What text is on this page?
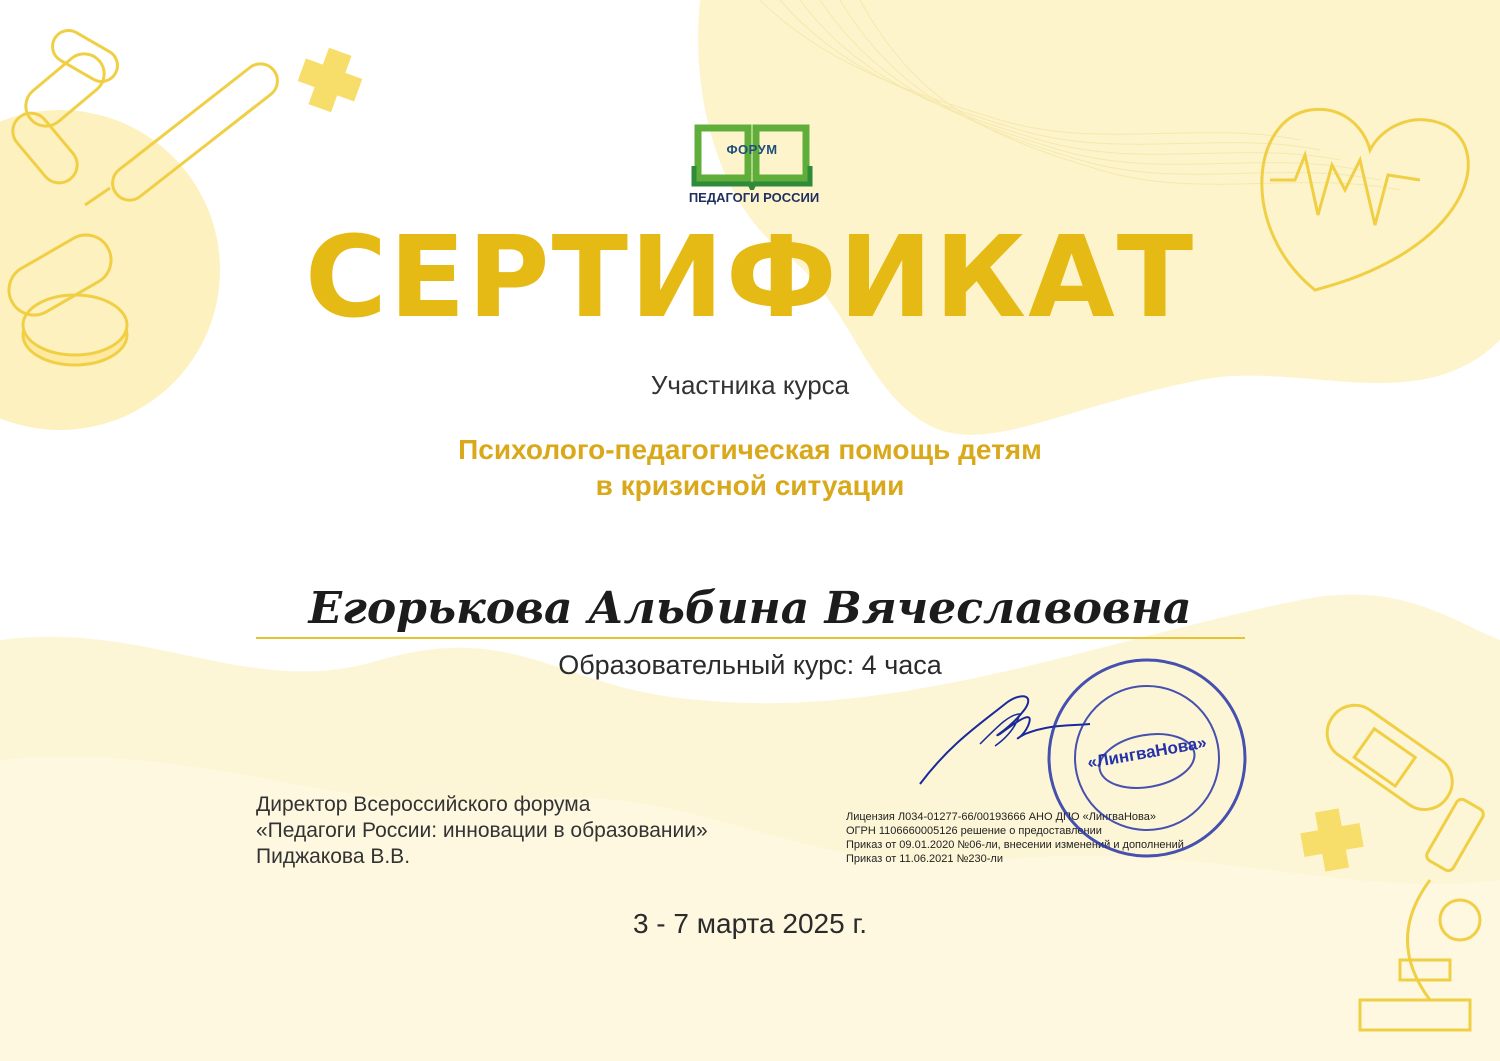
ФОРУМ
ПЕДАГОГИ РОССИИ
СЕРТИФИКАТ
Участника курса
Психолого-педагогическая помощь детям
в кризисной ситуации
Егорькова Альбина Вячеславовна
Образовательный курс: 4 часа
Директор Всероссийского форума
«Педагоги России: инновации в образовании»
Пиджакова В.В.
Лицензия Л034-01277-66/00193666 АНО ДПО «ЛингваНова»
ОГРН 1106660005126 решение о предоставлении
Приказ от 09.01.2020 №06-ли, внесении изменений и дополнений
Приказ от 11.06.2021 №230-ли
«ЛингваНова»
3 - 7 марта 2025 г.
